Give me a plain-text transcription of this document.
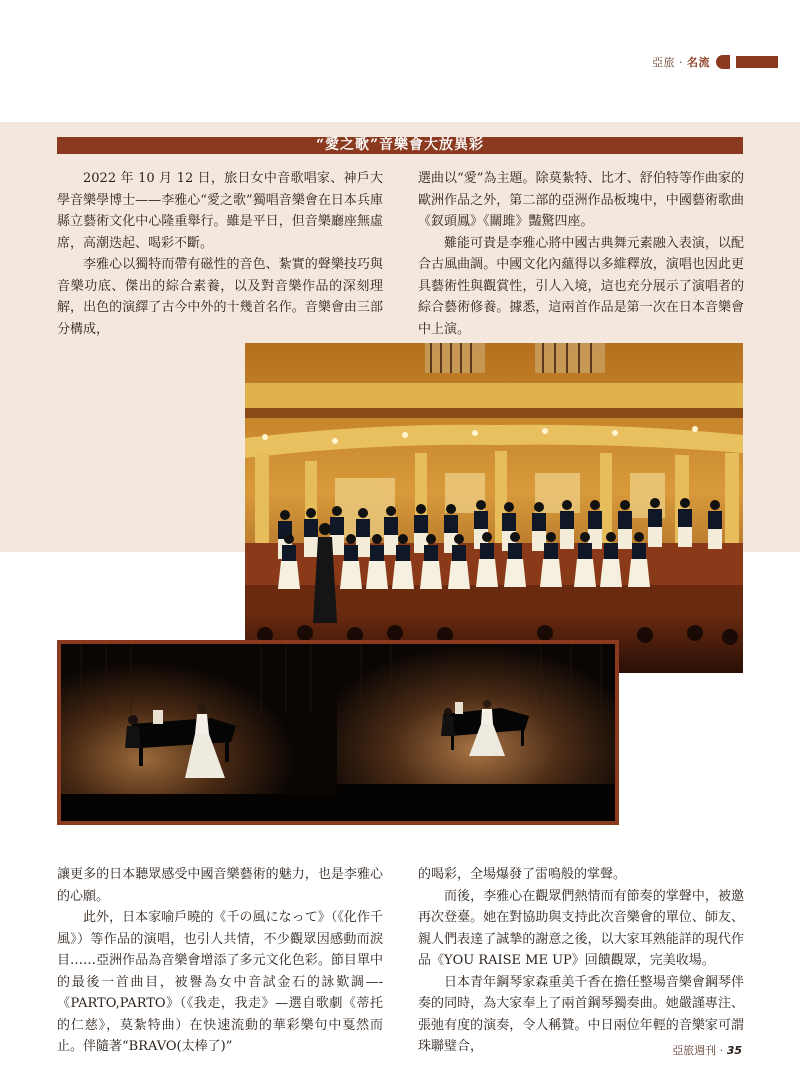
亞旅 · 名流
“愛之歌”音樂會大放異彩

2022 年 10 月 12 日，旅日女中音歌唱家、神戶大學音樂學博士——李雅心“愛之歌”獨唱音樂會在日本兵庫縣立藝術文化中心隆重舉行。雖是平日，但音樂廳座無虛席，高潮迭起、喝彩不斷。

李雅心以獨特而帶有磁性的音色、紮實的聲樂技巧與音樂功底、傑出的綜合素養，以及對音樂作品的深刻理解，出色的演繹了古今中外的十幾首名作。音樂會由三部分構成，

選曲以“愛”為主題。除莫紮特、比才、舒伯特等作曲家的歐洲作品之外，第二部的亞洲作品板塊中，中國藝術歌曲《釵頭鳳》《關雎》豔驚四座。

難能可貴是李雅心將中國古典舞元素融入表演，以配合古風曲調。中國文化內蘊得以多維釋放，演唱也因此更具藝術性與觀賞性，引人入境，這也充分展示了演唱者的綜合藝術修養。據悉，這兩首作品是第一次在日本音樂會中上演。

讓更多的日本聽眾感受中國音樂藝術的魅力，也是李雅心的心願。

此外，日本家喻戶曉的《千の風になって》（《化作千風》）等作品的演唱，也引人共情，不少觀眾因感動而淚目……亞洲作品為音樂會增添了多元文化色彩。節目單中的最後一首曲目，被譽為女中音試金石的詠歎調—-《PARTO,PARTO》（《我走，我走》—選自歌劇《蒂托的仁慈》，莫紮特曲）在快速流動的華彩樂句中戛然而止。伴隨著“BRAVO(太棒了)”

的喝彩，全場爆發了雷鳴般的掌聲。

而後，李雅心在觀眾們熱情而有節奏的掌聲中，被邀再次登臺。她在對協助與支持此次音樂會的單位、師友、親人們表達了誠摯的謝意之後，以大家耳熟能詳的現代作品《YOU RAISE ME UP》回饋觀眾，完美收場。

日本青年鋼琴家森重美千香在擔任整場音樂會鋼琴伴奏的同時，為大家奉上了兩首鋼琴獨奏曲。她嚴謹專注、張弛有度的演奏，令人稱贊。中日兩位年輕的音樂家可謂珠聯璧合，	亞旅週刊 · 35
